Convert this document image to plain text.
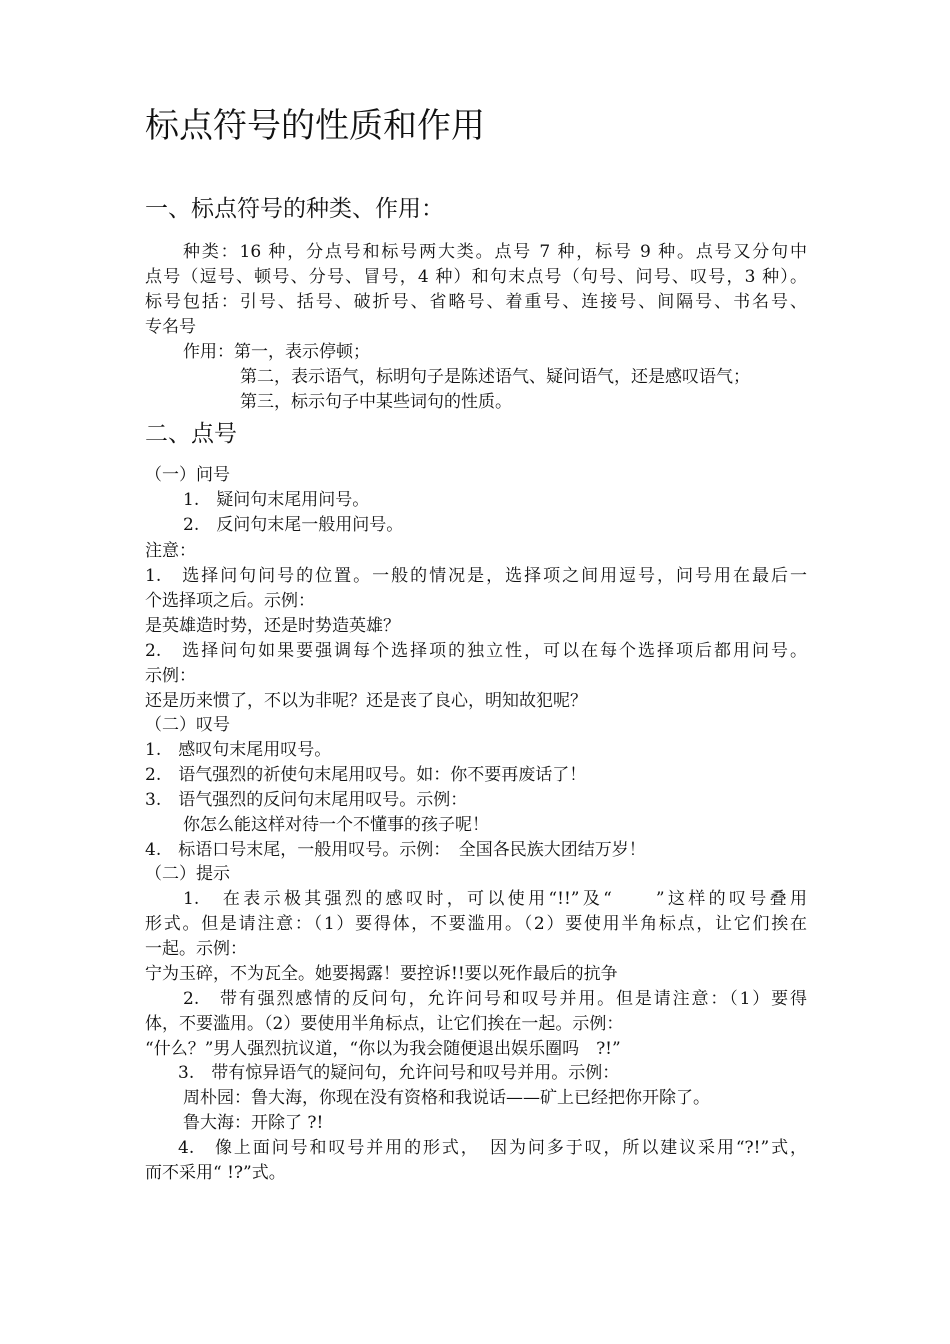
标点符号的性质和作用
一、标点符号的种类、作用：
种类：16 种，分点号和标号两大类。点号 7 种，标号 9 种。点号又分句中
点号（逗号、顿号、分号、冒号，4 种）和句末点号（句号、问号、叹号，3 种）。
标号包括：引号、括号、破折号、省略号、着重号、连接号、间隔号、书名号、
专名号
作用：第一，表示停顿；
第二，表示语气，标明句子是陈述语气、疑问语气，还是感叹语气；
第三，标示句子中某些词句的性质。
二、点号
（一）问号
1.　疑问句末尾用问号。
2.　反问句末尾一般用问号。
注意：
1.　选择问句问号的位置。一般的情况是，选择项之间用逗号，问号用在最后一
个选择项之后。示例：
是英雄造时势，还是时势造英雄？
2.　选择问句如果要强调每个选择项的独立性，可以在每个选择项后都用问号。
示例：
还是历来惯了，不以为非呢？还是丧了良心，明知故犯呢？
（二）叹号
1.　感叹句末尾用叹号。
2.　语气强烈的祈使句末尾用叹号。如：你不要再废话了！
3.　语气强烈的反问句末尾用叹号。示例：
你怎么能这样对待一个不懂事的孩子呢！
4.　标语口号末尾，一般用叹号。示例：　全国各民族大团结万岁！
（二）提示
1.　在表示极其强烈的感叹时，可以使用“!!”及“　　”这样的叹号叠用
形式。但是请注意：（1）要得体，不要滥用。（2）要使用半角标点，让它们挨在
一起。示例：
宁为玉碎，不为瓦全。她要揭露！要控诉!!要以死作最后的抗争
2.　带有强烈感情的反问句，允许问号和叹号并用。但是请注意：（1）要得
体，不要滥用。（2）要使用半角标点，让它们挨在一起。示例：
“什么？”男人强烈抗议道，“你以为我会随便退出娱乐圈吗　?!”
3.　带有惊异语气的疑问句，允许问号和叹号并用。示例：
周朴园：鲁大海，你现在没有资格和我说话——矿上已经把你开除了。
鲁大海：开除了 ?!
4.　像上面问号和叹号并用的形式，　因为问多于叹，所以建议采用“?!”式，
而不采用“ !?”式。
